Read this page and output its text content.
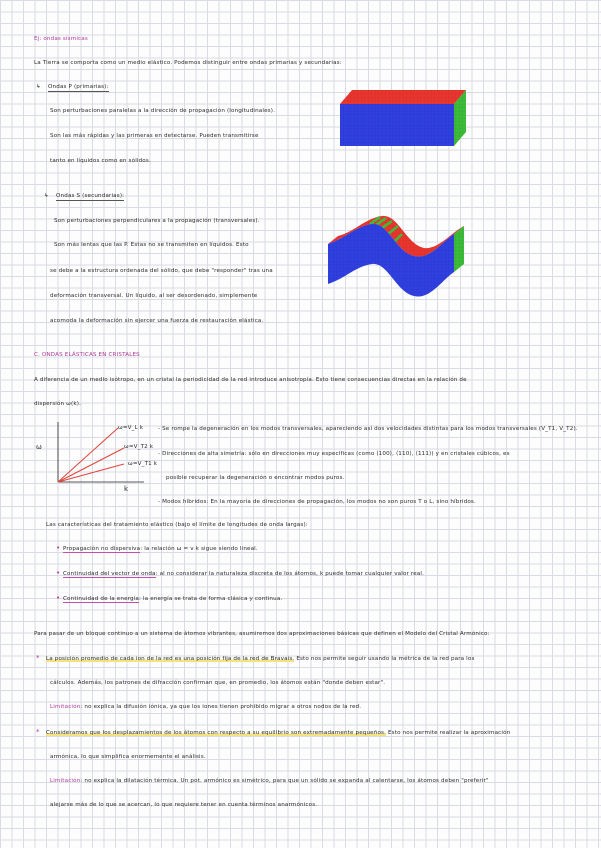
Ej: ondas sísmicas
La Tierra se comporta como un medio elástico. Podemos distinguir entre ondas primarias y secundarias:
↳ Ondas P (primarias):
Son perturbaciones paralelas a la dirección de propagación (longitudinales).
Son las más rápidas y las primeras en detectarse. Pueden transmitirse
tanto en líquidos como en sólidos.
↳ Ondas S (secundarias):
Son perturbaciones perpendiculares a la propagación (transversales).
Son más lentas que las P. Estas no se transmiten en líquidos. Esto
se debe a la estructura ordenada del sólido, que debe "responder" tras una
deformación transversal. Un líquido, al ser desordenado, simplemente
acomoda la deformación sin ejercer una fuerza de restauración elástica.
C. ONDAS ELÁSTICAS EN CRISTALES
A diferencia de un medio isótropo, en un cristal la periodicidad de la red introduce anisotropía. Esto tiene consecuencias directas en la relación de
dispersión ω(k).
ω
k
ω=V_L k
ω=V_T2 k
ω=V_T1 k
- Se rompe la degeneración en los modos transversales, apareciendo así dos velocidades distintas para los modos transversales (V_T1, V_T2).
- Direcciones de alta simetría: sólo en direcciones muy específicas (como ⟨100⟩, ⟨110⟩, ⟨111⟩) y en cristales cúbicos, es
posible recuperar la degeneración o encontrar modos puros.
- Modos híbridos: En la mayoría de direcciones de propagación, los modos no son puros T o L, sino híbridos.
Las características del tratamiento elástico (bajo el límite de longitudes de onda largas):
• Propagación no dispersiva: la relación ω = v k sigue siendo lineal.
• Continuidad del vector de onda: al no considerar la naturaleza discreta de los átomos, k puede tomar cualquier valor real.
• Continuidad de la energía: la energía se trata de forma clásica y continua.
Para pasar de un bloque continuo a un sistema de átomos vibrantes, asumiremos dos aproximaciones básicas que definen el Modelo del Cristal Armónico:
* La posición promedio de cada ion de la red es una posición fija de la red de Bravais. Esto nos permite seguir usando la métrica de la red para los
cálculos. Además, los patrones de difracción confirman que, en promedio, los átomos están "donde deben estar".
Limitación: no explica la difusión iónica, ya que los iones tienen prohibido migrar a otros nodos de la red.
* Consideramos que los desplazamientos de los átomos con respecto a su equilibrio son extremadamente pequeños. Esto nos permite realizar la aproximación
armónica, lo que simplifica enormemente el análisis.
Limitación: no explica la dilatación térmica. Un pot. armónico es simétrico, para que un sólido se expanda al calentarse, los átomos deben "preferir"
alejarse más de lo que se acercan, lo que requiere tener en cuenta términos anarmónicos.
